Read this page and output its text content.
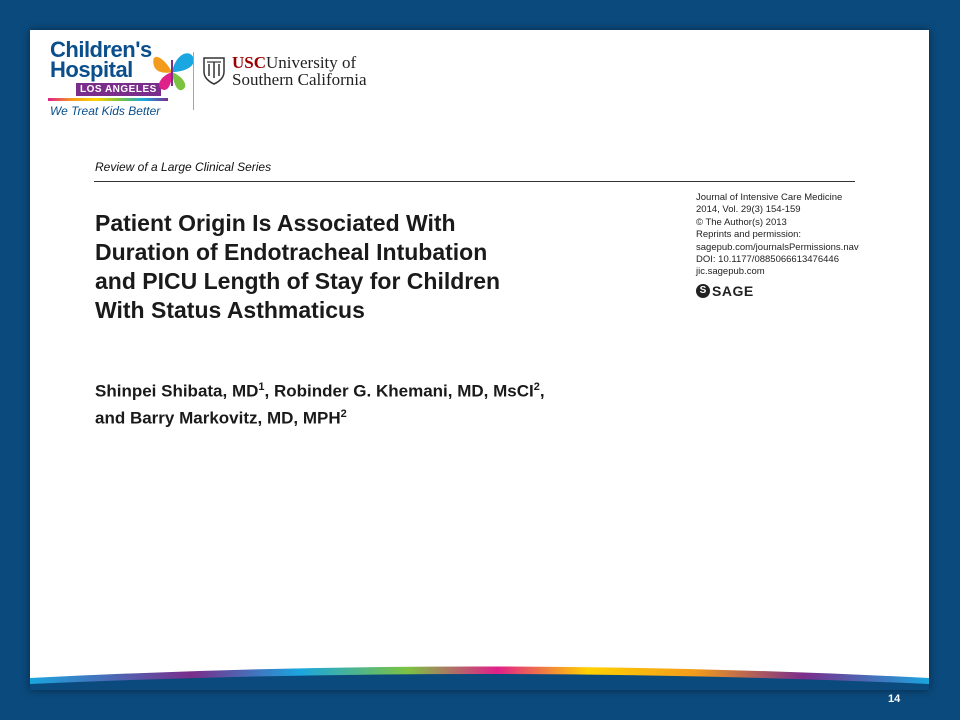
Children's
Hospital
LOS ANGELES
We Treat Kids Better
USCUniversity of
Southern California
Review of a Large Clinical Series
Patient Origin Is Associated With
Duration of Endotracheal Intubation
and PICU Length of Stay for Children
With Status Asthmaticus
Shinpei Shibata, $MD^1$, Robinder G. Khemani, MD, MsCI$^2$,
and Barry Markovitz, MD, MPH$^2$
Journal of Intensive Care Medicine
2014, Vol. 29(3) 154-159
© The Author(s) 2013
Reprints and permission:
sagepub.com/journalsPermissions.nav
DOI: 10.1177/0885066613476446
jic.sagepub.com
S SAGE
14
